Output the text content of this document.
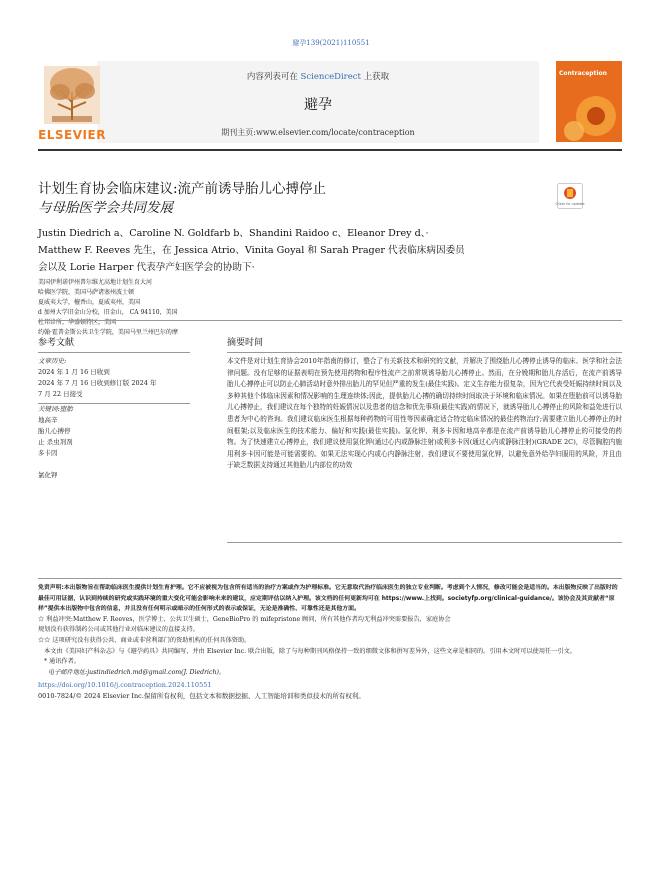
避孕139(2021)110551
内容列表可在 ScienceDirect 上获取
避孕
期刊主页:www.elsevier.com/locate/contraception
ELSEVIER
Contraception
计划生育协会临床建议:流产前诱导胎儿心搏停止
与母胎医学会共同发展	Check for updates
Justin Diedrich a、Caroline N. Goldfarb b、Shandini Raidoo c、Eleanor Drey d、·
Matthew F. Reeves 先生，在 Jessica Atrio、Vinita Goyal 和 Sarah Prager 代表临床病因委员
会以及 Lorie Harper 代表孕产妇医学会的协助下·
美国伊利诺伊州普尔维尤高地计划生育大河
哈佛医学院，美国马萨诸塞州波士顿
夏威夷大学，檀香山，夏威夷州，美国
d 加州大学旧金山分校，旧金山， CA 94110，美国
杜邦诊所，华盛顿特区，美国
约翰·霍普金斯公共卫生学院，美国马里兰州巴尔的摩
参考文献	摘要时间
文章历史:
2024 年 1 月 16 日收到
2024 年 7 月 16 日收到修订版 2024 年
7 月 22 日接受
关键词:堕胎
地高辛
胎儿心搏停
止 杀虫剂剂
多卡因
氯化钾
本文件是对计划生育协会2010年指南的修订，整合了有关新技术和研究的文献，并解决了围绕胎儿心搏停止诱导的临床、医学和社会法律问题。没有足够的证据表明在预先使用药物和程序性流产之前常规诱导胎儿心搏停止。然而，在分娩期和胎儿存活后，在流产前诱导胎儿心搏停止可以防止心肺活动时意外排出胎儿的罕见但严重的发生(最佳实践)。定义生存能力很复杂，因为它代表受妊娠持续时间以及多种其他个体临床因素和情况影响的生理连续体;因此，提供胎儿心搏的确切持续时间取决于环境和临床情况。如果在堕胎前可以诱导胎儿心搏停止，我们建议在每个独特的妊娠情况以及患者的信念和优先事项(最佳实践)的情况下，就诱导胎儿心搏停止的风险和益处进行以患者为中心的咨询。我们建议临床医生根据每种药物的可用性等因素确定适合特定临床情况的最佳药物治疗;需要建立胎儿心搏停止的时间框架;以及临床医生的技术能力、偏好和实践(最佳实践)。氯化钾、利多卡因和地高辛都是在流产前诱导胎儿心搏停止的可接受的药物。为了快速建立心搏停止，我们建议使用氯化钾(通过心内或静脉注射)或利多卡因(通过心内或静脉注射)(GRADE 2C)，尽管胸腔内施用利多卡因可能是可能需要的。如果无法实现心内或心内静脉注射，我们建议不要使用氯化钾，以避免意外给孕妇服用的风险，并且由于缺乏数据支持通过其他胎儿内部位的功效
免责声明:本出版物旨在帮助临床医生提供计划生育护理。它不应被视为包含所有适当的治疗方案或作为护理标准。它无意取代治疗临床医生的独立专业判断。考虑到个人情况，修改可能会是适当的。本出版物反映了出版时的最佳可用证据，认识到持续的研究或实践环境的重大变化可能会影响未来的建议，应定期评估以纳入护理。该文档的任何更新均可在 https://www.上找到。societyfp.org/clinical-guidance/。该协会及其贡献者“原样”提供本出版物中包含的信息，并且没有任何明示或暗示的任何形式的表示或保证，无论是准确性、可靠性还是其他方面。
☆ 利益冲突:Matthew F. Reeves，医学博士、公共卫生硕士，GeneBioPro 的 mifepristone 顾问，所有其他作者均无利益冲突需要报告，家庭协会
规划没有获得制药公司或其他行业对临床建议的直接支持。
☆☆ 这项研究没有获得公共、商业或非营利部门的资助机构的任何具体资助。
本文由《美国妇产科杂志》与《避孕药具》共同编写，并由 Elsevier Inc. 联合出版，除了与每种期刊风格保持一致的细微文体和拼写差异外，这些文章是相同的。引用本文时可以使用任一引文。
* 通讯作者。
电子邮件地址:justindiedrich.md@gmail.com(J. Diedrich)。
https://doi.org/10.1016/j.contraception.2024.110551
0010-7824/© 2024 Elsevier Inc.保留所有权利，包括文本和数据挖掘、人工智能培训和类似技术的所有权利。
